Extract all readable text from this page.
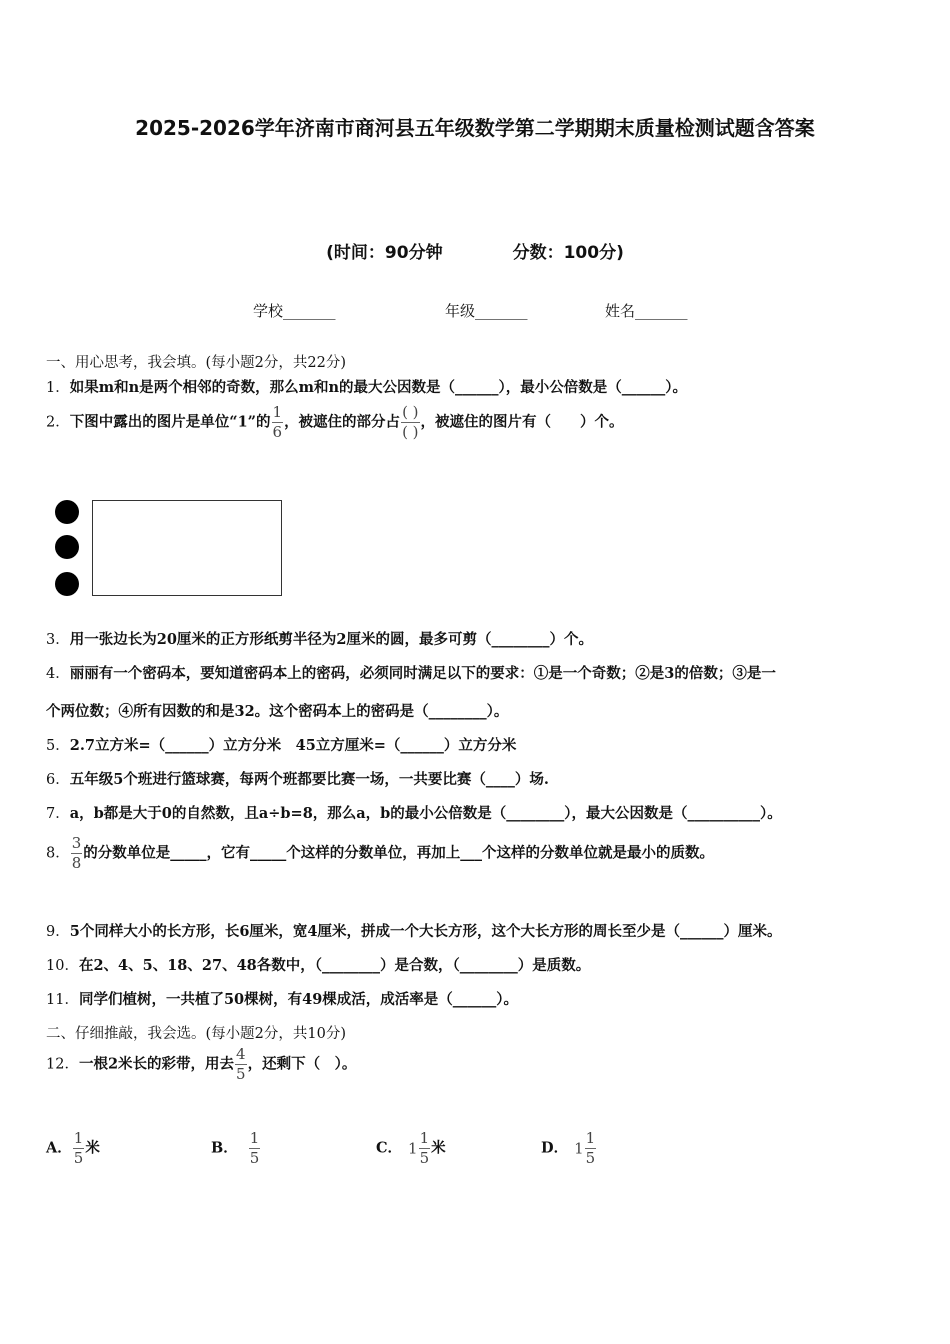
2025-2026学年济南市商河县五年级数学第二学期期末质量检测试题含答案
(时间：90分钟	分数：100分)
学校_______	年级_______	姓名_______
一、用心思考，我会填。(每小题2分，共22分)
1．如果m和n是两个相邻的奇数，那么m和n的最大公因数是（______），最小公倍数是（______）。
2．下图中露出的图片是单位“1”的 $\frac{1}{6}$ ，被遮住的部分占 $\frac{( )}{( )}$ ，被遮住的图片有（　　）个。
3．用一张边长为20厘米的正方形纸剪半径为2厘米的圆，最多可剪（________）个。
4．丽丽有一个密码本，要知道密码本上的密码，必须同时满足以下的要求：①是一个奇数；②是3的倍数；③是一
个两位数；④所有因数的和是32。这个密码本上的密码是（________）。
5．2.7立方米=（______）立方分米　45立方厘米=（______）立方分米
6．五年级5个班进行篮球赛，每两个班都要比赛一场，一共要比赛（____）场.
7．a，b都是大于0的自然数，且a÷b=8，那么a，b的最小公倍数是（________），最大公因数是（__________）。
8． $\frac{3}{8}$ 的分数单位是_____，它有_____个这样的分数单位，再加上___个这样的分数单位就是最小的质数。
9．5个同样大小的长方形，长6厘米，宽4厘米，拼成一个大长方形，这个大长方形的周长至少是（______）厘米。
10．在2、4、5、18、27、48各数中，（________）是合数，（________）是质数。
11．同学们植树，一共植了50棵树，有49棵成活，成活率是（______）。
二、仔细推敲，我会选。(每小题2分，共10分)
12．一根2米长的彩带，用去 $\frac{4}{5}$ ，还剩下（　）。
A． $\frac{1}{5}$ 米	B． $\frac{1}{5}$	C． $1 \frac{1}{5}$ 米	D． $1 \frac{1}{5}$
